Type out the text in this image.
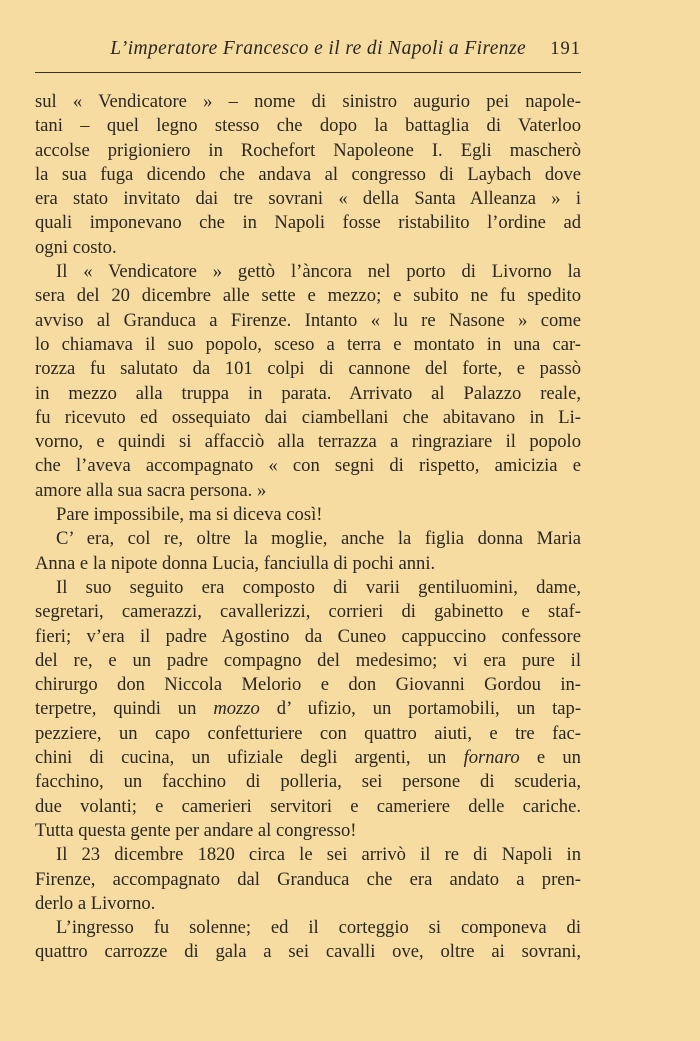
L’imperatore Francesco e il re di Napoli a Firenze 191
sul « Vendicatore » – nome di sinistro augurio pei napole-
tani – quel legno stesso che dopo la battaglia di Vaterloo
accolse prigioniero in Rochefort Napoleone I. Egli mascherò
la sua fuga dicendo che andava al congresso di Laybach dove
era stato invitato dai tre sovrani « della Santa Alleanza » i
quali imponevano che in Napoli fosse ristabilito l’ordine ad
ogni costo.
Il « Vendicatore » gettò l’àncora nel porto di Livorno la
sera del 20 dicembre alle sette e mezzo; e subito ne fu spedito
avviso al Granduca a Firenze. Intanto « lu re Nasone » come
lo chiamava il suo popolo, sceso a terra e montato in una car-
rozza fu salutato da 101 colpi di cannone del forte, e passò
in mezzo alla truppa in parata. Arrivato al Palazzo reale,
fu ricevuto ed ossequiato dai ciambellani che abitavano in Li-
vorno, e quindi si affacciò alla terrazza a ringraziare il popolo
che l’aveva accompagnato « con segni di rispetto, amicizia e
amore alla sua sacra persona. »
Pare impossibile, ma si diceva così!
C’ era, col re, oltre la moglie, anche la figlia donna Maria
Anna e la nipote donna Lucia, fanciulla di pochi anni.
Il suo seguito era composto di varii gentiluomini, dame,
segretari, camerazzi, cavallerizzi, corrieri di gabinetto e staf-
fieri; v’era il padre Agostino da Cuneo cappuccino confessore
del re, e un padre compagno del medesimo; vi era pure il
chirurgo don Niccola Melorio e don Giovanni Gordou in-
terpetre, quindi un mozzo d’ ufizio, un portamobili, un tap-
pezziere, un capo confetturiere con quattro aiuti, e tre fac-
chini di cucina, un ufiziale degli argenti, un fornaro e un
facchino, un facchino di polleria, sei persone di scuderia,
due volanti; e camerieri servitori e cameriere delle cariche.
Tutta questa gente per andare al congresso!
Il 23 dicembre 1820 circa le sei arrivò il re di Napoli in
Firenze, accompagnato dal Granduca che era andato a pren-
derlo a Livorno.
L’ingresso fu solenne; ed il corteggio si componeva di
quattro carrozze di gala a sei cavalli ove, oltre ai sovrani,
